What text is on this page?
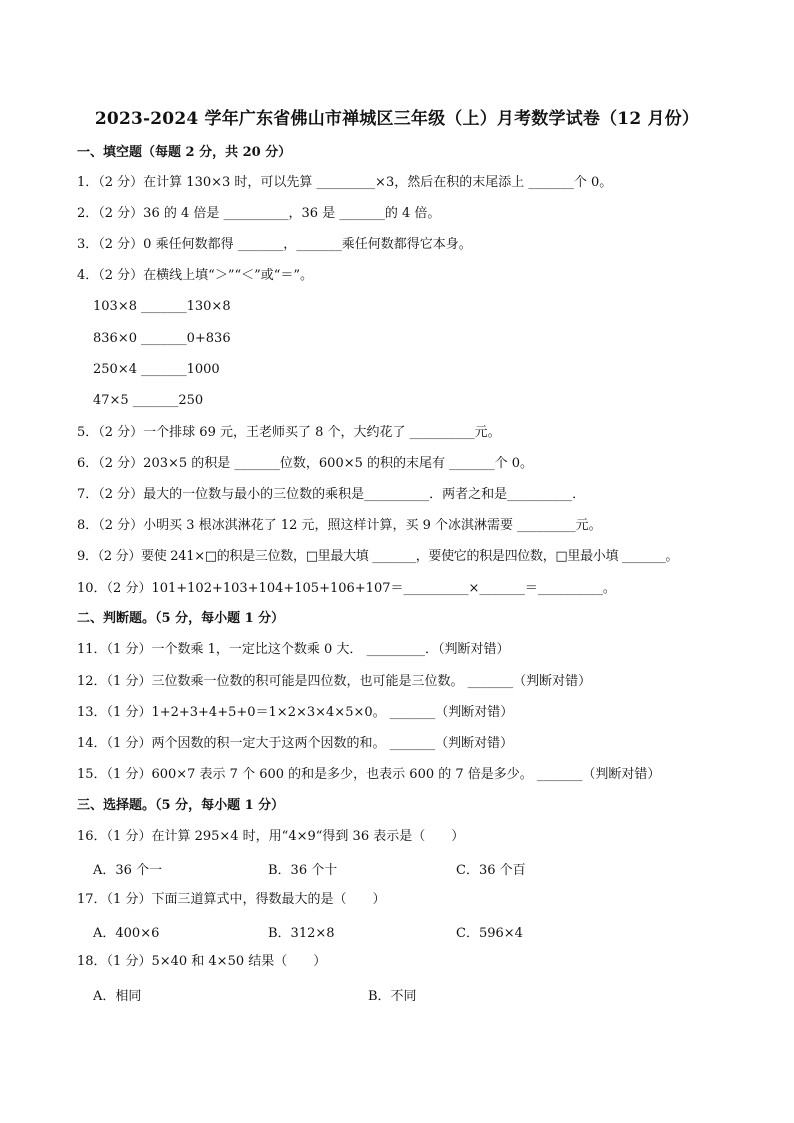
2023-2024 学年广东省佛山市禅城区三年级（上）月考数学试卷（12 月份）
一、填空题（每题 2 分，共 20 分）
1．（2 分）在计算 130×3 时，可以先算 _________×3，然后在积的末尾添上 _______个 0。
2．（2 分）36 的 4 倍是 __________，36 是 _______的 4 倍。
3．（2 分）0 乘任何数都得 _______，_______乘任何数都得它本身。
4．（2 分）在横线上填“＞”“＜”或“＝”。
103×8 _______130×8
836×0 _______0+836
250×4 _______1000
47×5 _______250
5．（2 分）一个排球 69 元，王老师买了 8 个，大约花了 __________元。
6．（2 分）203×5 的积是 _______位数，600×5 的积的末尾有 _______个 0。
7．（2 分）最大的一位数与最小的三位数的乘积是__________．两者之和是__________．
8．（2 分）小明买 3 根冰淇淋花了 12 元，照这样计算，买 9 个冰淇淋需要 _________元。
9．（2 分）要使 241×□的积是三位数，□里最大填 _______，要使它的积是四位数，□里最小填 _______。
10．（2 分）101+102+103+104+105+106+107＝__________×_______＝__________。
二、判断题。（5 分，每小题 1 分）
11．（1 分）一个数乘 1，一定比这个数乘 0 大． _________．（判断对错）
12．（1 分）三位数乘一位数的积可能是四位数，也可能是三位数。 _______（判断对错）
13．（1 分）1+2+3+4+5+0＝1×2×3×4×5×0。 _______（判断对错）
14．（1 分）两个因数的积一定大于这两个因数的和。 _______（判断对错）
15．（1 分）600×7 表示 7 个 600 的和是多少，也表示 600 的 7 倍是多少。 _______（判断对错）
三、选择题。（5 分，每小题 1 分）
16．（1 分）在计算 295×4 时，用“4×9“得到 36 表示是（　　）
A．36 个一	B．36 个十	C．36 个百
17．（1 分）下面三道算式中，得数最大的是（　　）
A．400×6	B．312×8	C．596×4
18．（1 分）5×40 和 4×50 结果（　　）
A．相同	B．不同
